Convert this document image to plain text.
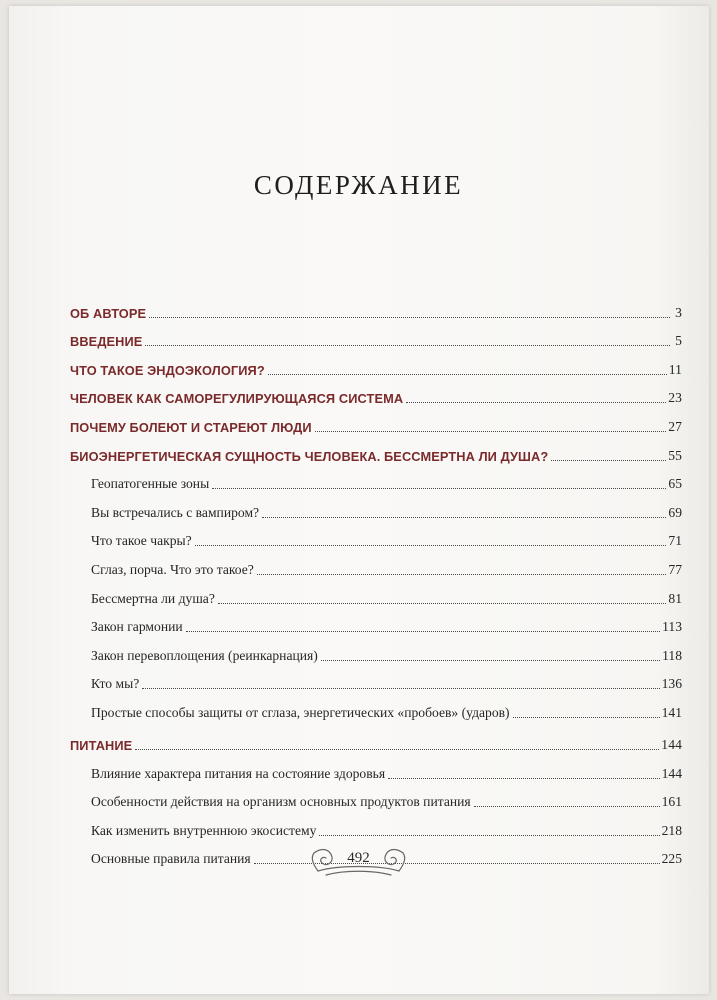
СОДЕРЖАНИЕ
ОБ АВТОРЕ	3
ВВЕДЕНИЕ	5
ЧТО ТАКОЕ ЭНДОЭКОЛОГИЯ?	11
ЧЕЛОВЕК КАК САМОРЕГУЛИРУЮЩАЯСЯ СИСТЕМА	23
ПОЧЕМУ БОЛЕЮТ И СТАРЕЮТ ЛЮДИ	27
БИОЭНЕРГЕТИЧЕСКАЯ СУЩНОСТЬ ЧЕЛОВЕКА. БЕССМЕРТНА ЛИ ДУША?	55
Геопатогенные зоны	65
Вы встречались с вампиром?	69
Что такое чакры?	71
Сглаз, порча. Что это такое?	77
Бессмертна ли душа?	81
Закон гармонии	113
Закон перевоплощения (реинкарнация)	118
Кто мы?	136
Простые способы защиты от сглаза, энергетических «пробоев» (ударов)	141
ПИТАНИЕ	144
Влияние характера питания на состояние здоровья	144
Особенности действия на организм основных продуктов питания	161
Как изменить внутреннюю экосистему	218
Основные правила питания	225
492
